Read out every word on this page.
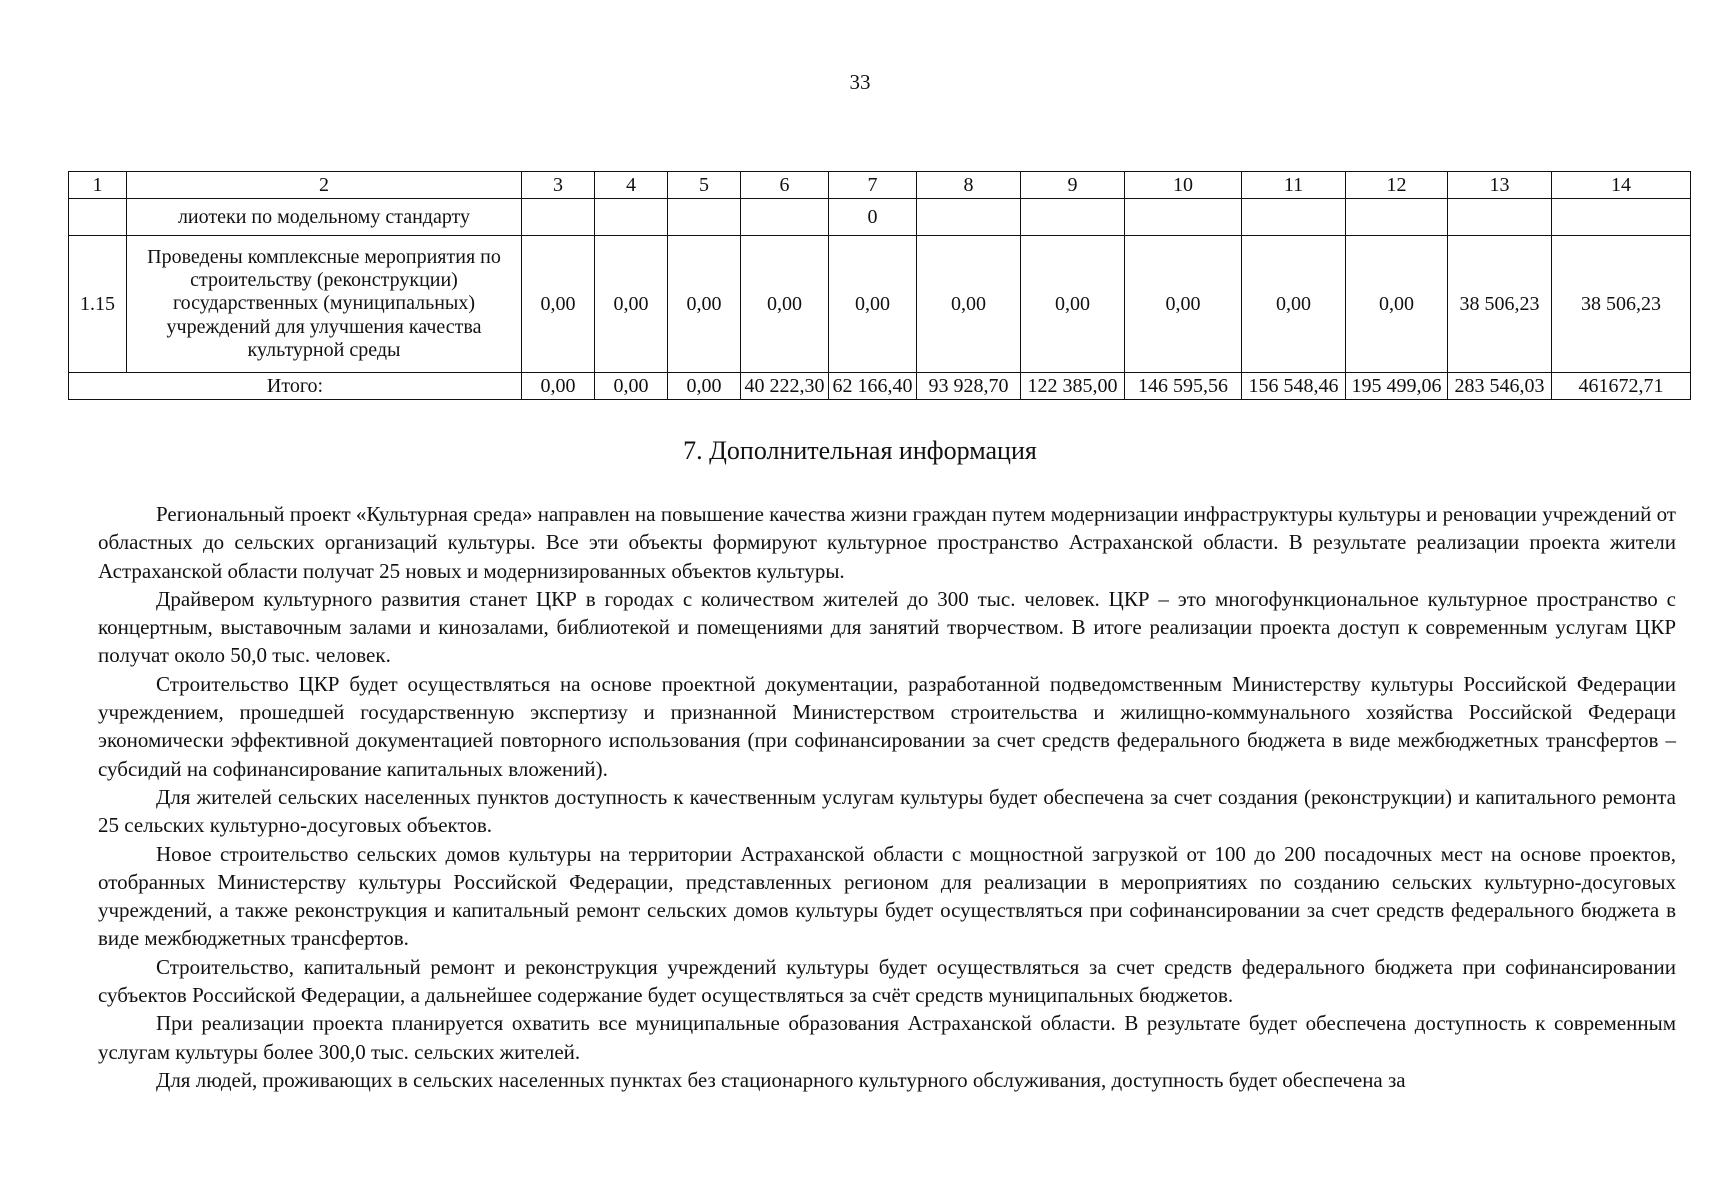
33
1	2	3	4	5	6	7	8	9	10	11	12	13	14
	лиотеки по модельному стандарту					0							
1.15	Проведены комплексные мероприятия по строительству (реконструкции) государственных (муниципальных) учреждений для улучшения качества культурной среды	0,00	0,00	0,00	0,00	0,00	0,00	0,00	0,00	0,00	0,00	38 506,23	38 506,23
Итого:		0,00	0,00	0,00	40 222,30	62 166,40	93 928,70	122 385,00	146 595,56	156 548,46	195 499,06	283 546,03	461672,71
7. Дополнительная информация

Региональный проект «Культурная среда» направлен на повышение качества жизни граждан путем модернизации инфраструктуры культуры и реновации учреждений от областных до сельских организаций культуры. Все эти объекты формируют культурное пространство Астраханской области. В результате реализации проекта жители Астраханской области получат 25 новых и модернизированных объектов культуры.

Драйвером культурного развития станет ЦКР в городах с количеством жителей до 300 тыс. человек. ЦКР – это многофункциональное культурное пространство с концертным, выставочным залами и кинозалами, библиотекой и помещениями для занятий творчеством. В итоге реализации проекта доступ к современным услугам ЦКР получат около 50,0 тыс. человек.

Строительство ЦКР будет осуществляться на основе проектной документации, разработанной подведомственным Министерству культуры Российской Федерации учреждением, прошедшей государственную экспертизу и признанной Министерством строительства и жилищно-коммунального хозяйства Российской Федераци экономически эффективной документацией повторного использования (при софинансировании за счет средств федерального бюджета в виде межбюджетных трансфертов – субсидий на софинансирование капитальных вложений).

Для жителей сельских населенных пунктов доступность к качественным услугам культуры будет обеспечена за счет создания (реконструкции) и капитального ремонта 25 сельских культурно-досуговых объектов.

Новое строительство сельских домов культуры на территории Астраханской области с мощностной загрузкой от 100 до 200 посадочных мест на основе проектов, отобранных Министерству культуры Российской Федерации, представленных регионом для реализации в мероприятиях по созданию сельских культурно-досуговых учреждений, а также реконструкция и капитальный ремонт сельских домов культуры будет осуществляться при софинансировании за счет средств федерального бюджета в виде межбюджетных трансфертов.

Строительство, капитальный ремонт и реконструкция учреждений культуры будет осуществляться за счет средств федерального бюджета при софинансировании субъектов Российской Федерации, а дальнейшее содержание будет осуществляться за счёт средств муниципальных бюджетов.

При реализации проекта планируется охватить все муниципальные образования Астраханской области. В результате будет обеспечена доступность к современным услугам культуры более 300,0 тыс. сельских жителей.

Для людей, проживающих в сельских населенных пунктах без стационарного культурного обслуживания, доступность будет обеспечена за
